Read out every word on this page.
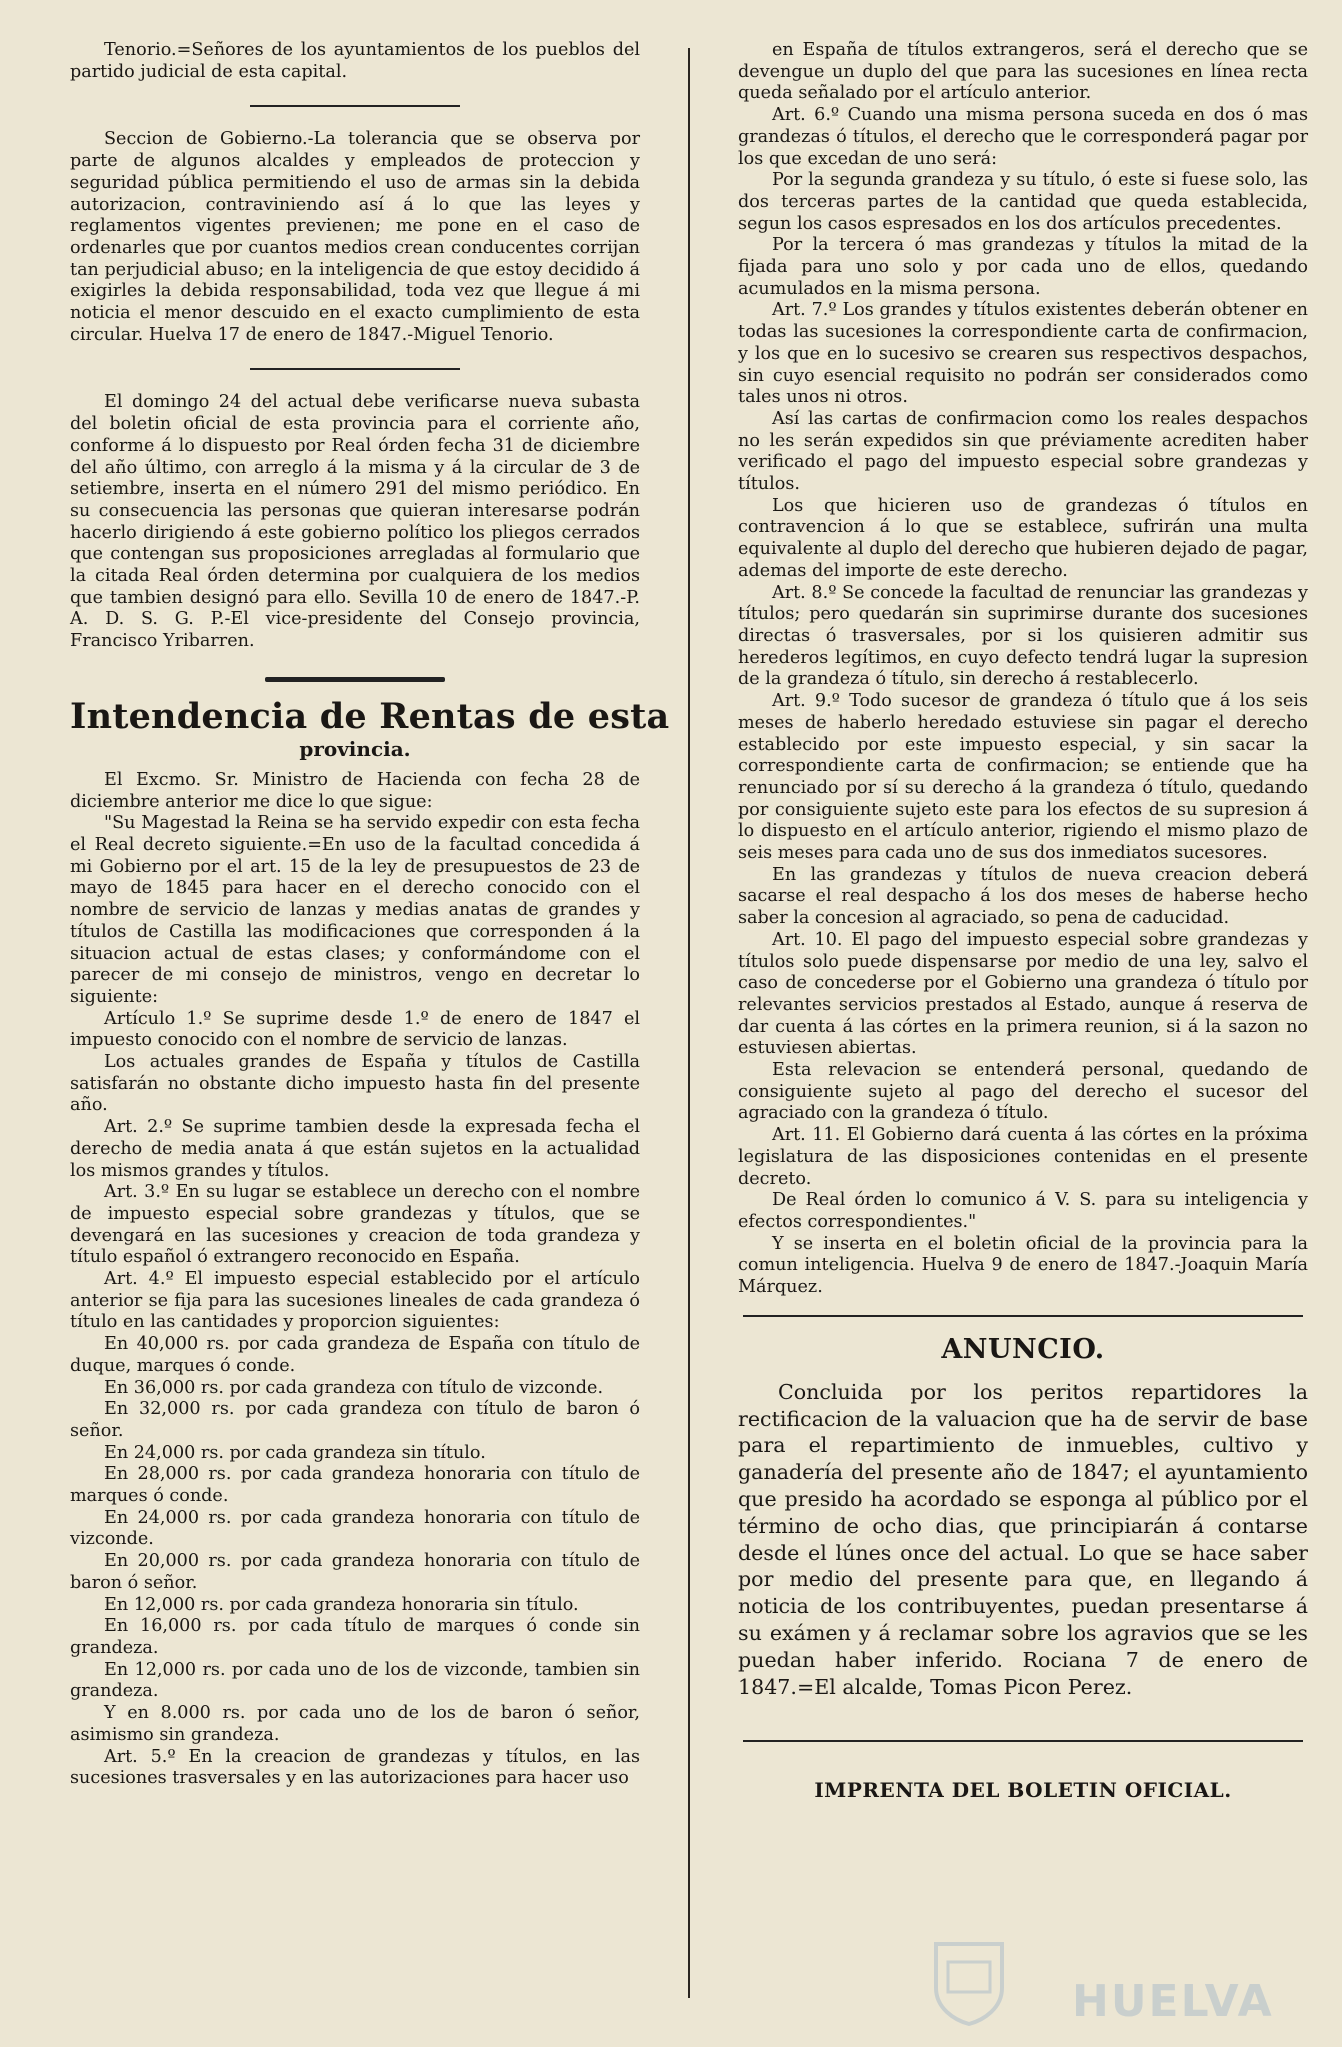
Tenorio.=Señores de los ayuntamientos de los pueblos del partido judicial de esta capital.

Seccion de Gobierno.-La tolerancia que se observa por parte de algunos alcaldes y empleados de proteccion y seguridad pública permitiendo el uso de armas sin la debida autorizacion, contraviniendo así á lo que las leyes y reglamentos vigentes previenen; me pone en el caso de ordenarles que por cuantos medios crean conducentes corrijan tan perjudicial abuso; en la inteligencia de que estoy decidido á exigirles la debida responsabilidad, toda vez que llegue á mi noticia el menor descuido en el exacto cumplimiento de esta circular. Huelva 17 de enero de 1847.-Miguel Tenorio.

El domingo 24 del actual debe verificarse nueva subasta del boletin oficial de esta provincia para el corriente año, conforme á lo dispuesto por Real órden fecha 31 de diciembre del año último, con arreglo á la misma y á la circular de 3 de setiembre, inserta en el número 291 del mismo periódico. En su consecuencia las personas que quieran interesarse podrán hacerlo dirigiendo á este gobierno político los pliegos cerrados que contengan sus proposiciones arregladas al formulario que la citada Real órden determina por cualquiera de los medios que tambien designó para ello. Sevilla 10 de enero de 1847.-P. A. D. S. G. P.-El vice-presidente del Consejo provincia, Francisco Yribarren.

Intendencia de Rentas de esta
provincia.

El Excmo. Sr. Ministro de Hacienda con fecha 28 de diciembre anterior me dice lo que sigue:

"Su Magestad la Reina se ha servido expedir con esta fecha el Real decreto siguiente.=En uso de la facultad concedida á mi Gobierno por el art. 15 de la ley de presupuestos de 23 de mayo de 1845 para hacer en el derecho conocido con el nombre de servicio de lanzas y medias anatas de grandes y títulos de Castilla las modificaciones que corresponden á la situacion actual de estas clases; y conformándome con el parecer de mi consejo de ministros, vengo en decretar lo siguiente:

Artículo 1.º Se suprime desde 1.º de enero de 1847 el impuesto conocido con el nombre de servicio de lanzas.

Los actuales grandes de España y títulos de Castilla satisfarán no obstante dicho impuesto hasta fin del presente año.

Art. 2.º Se suprime tambien desde la expresada fecha el derecho de media anata á que están sujetos en la actualidad los mismos grandes y títulos.

Art. 3.º En su lugar se establece un derecho con el nombre de impuesto especial sobre grandezas y títulos, que se devengará en las sucesiones y creacion de toda grandeza y título español ó extrangero reconocido en España.

Art. 4.º El impuesto especial establecido por el artículo anterior se fija para las sucesiones lineales de cada grandeza ó título en las cantidades y proporcion siguientes:

En 40,000 rs. por cada grandeza de España con título de duque, marques ó conde.

En 36,000 rs. por cada grandeza con título de vizconde.

En 32,000 rs. por cada grandeza con título de baron ó señor.

En 24,000 rs. por cada grandeza sin título.

En 28,000 rs. por cada grandeza honoraria con título de marques ó conde.

En 24,000 rs. por cada grandeza honoraria con título de vizconde.

En 20,000 rs. por cada grandeza honoraria con título de baron ó señor.

En 12,000 rs. por cada grandeza honoraria sin título.

En 16,000 rs. por cada título de marques ó conde sin grandeza.

En 12,000 rs. por cada uno de los de vizconde, tambien sin grandeza.

Y en 8.000 rs. por cada uno de los de baron ó señor, asimismo sin grandeza.

Art. 5.º En la creacion de grandezas y títulos, en las sucesiones trasversales y en las autorizaciones para hacer uso

en España de títulos extrangeros, será el derecho que se devengue un duplo del que para las sucesiones en línea recta queda señalado por el artículo anterior.

Art. 6.º Cuando una misma persona suceda en dos ó mas grandezas ó títulos, el derecho que le corresponderá pagar por los que excedan de uno será:

Por la segunda grandeza y su título, ó este si fuese solo, las dos terceras partes de la cantidad que queda establecida, segun los casos espresados en los dos artículos precedentes.

Por la tercera ó mas grandezas y títulos la mitad de la fijada para uno solo y por cada uno de ellos, quedando acumulados en la misma persona.

Art. 7.º Los grandes y títulos existentes deberán obtener en todas las sucesiones la correspondiente carta de confirmacion, y los que en lo sucesivo se crearen sus respectivos despachos, sin cuyo esencial requisito no podrán ser considerados como tales unos ni otros.

Así las cartas de confirmacion como los reales despachos no les serán expedidos sin que préviamente acrediten haber verificado el pago del impuesto especial sobre grandezas y títulos.

Los que hicieren uso de grandezas ó títulos en contravencion á lo que se establece, sufrirán una multa equivalente al duplo del derecho que hubieren dejado de pagar, ademas del importe de este derecho.

Art. 8.º Se concede la facultad de renunciar las grandezas y títulos; pero quedarán sin suprimirse durante dos sucesiones directas ó trasversales, por si los quisieren admitir sus herederos legítimos, en cuyo defecto tendrá lugar la supresion de la grandeza ó título, sin derecho á restablecerlo.

Art. 9.º Todo sucesor de grandeza ó título que á los seis meses de haberlo heredado estuviese sin pagar el derecho establecido por este impuesto especial, y sin sacar la correspondiente carta de confirmacion; se entiende que ha renunciado por sí su derecho á la grandeza ó título, quedando por consiguiente sujeto este para los efectos de su supresion á lo dispuesto en el artículo anterior, rigiendo el mismo plazo de seis meses para cada uno de sus dos inmediatos sucesores.

En las grandezas y títulos de nueva creacion deberá sacarse el real despacho á los dos meses de haberse hecho saber la concesion al agraciado, so pena de caducidad.

Art. 10. El pago del impuesto especial sobre grandezas y títulos solo puede dispensarse por medio de una ley, salvo el caso de concederse por el Gobierno una grandeza ó título por relevantes servicios prestados al Estado, aunque á reserva de dar cuenta á las córtes en la primera reunion, si á la sazon no estuviesen abiertas.

Esta relevacion se entenderá personal, quedando de consiguiente sujeto al pago del derecho el sucesor del agraciado con la grandeza ó título.

Art. 11. El Gobierno dará cuenta á las córtes en la próxima legislatura de las disposiciones contenidas en el presente decreto.

De Real órden lo comunico á V. S. para su inteligencia y efectos correspondientes."

Y se inserta en el boletin oficial de la provincia para la comun inteligencia. Huelva 9 de enero de 1847.-Joaquin María Márquez.

ANUNCIO.

Concluida por los peritos repartidores la rectificacion de la valuacion que ha de servir de base para el repartimiento de inmuebles, cultivo y ganadería del presente año de 1847; el ayuntamiento que presido ha acordado se esponga al público por el término de ocho dias, que principiarán á contarse desde el lúnes once del actual. Lo que se hace saber por medio del presente para que, en llegando á noticia de los contribuyentes, puedan presentarse á su exámen y á reclamar sobre los agravios que se les puedan haber inferido. Rociana 7 de enero de 1847.=El alcalde, Tomas Picon Perez.

IMPRENTA DEL BOLETIN OFICIAL.
HUELVA
